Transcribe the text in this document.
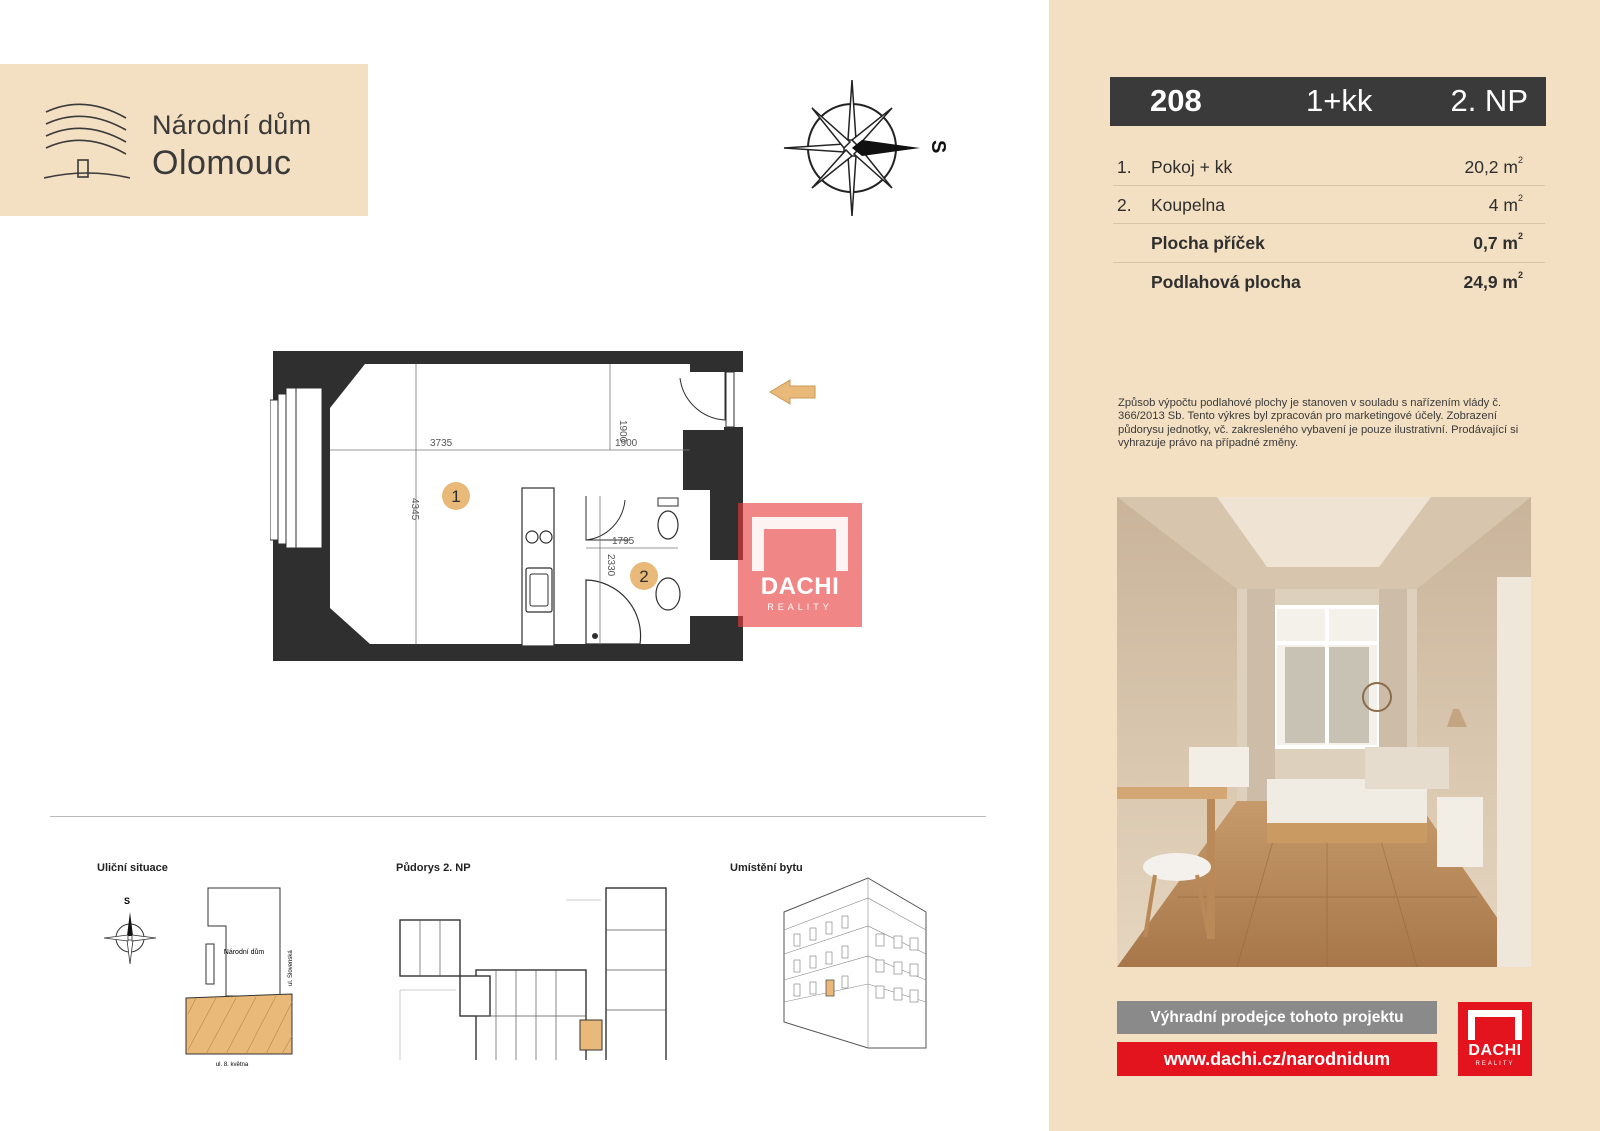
Národní dům
Olomouc	S
3735
1900
1900
4345
1795
2330
1
2	DACHI
REALITY
Uliční situace	Půdorys 2. NP	Umístění bytu
S
Národní dům	ul. Slovenská
ul. 8. května
208	1+kk	2. NP
1. Pokoj + kk	20,2 $m^2$
2. Koupelna	4 $m^2$
Plocha příček	0,7 $m^2$
Podlahová plocha	24,9 $m^2$
Způsob výpočtu podlahové plochy je stanoven v souladu s nařízením vlády č. 366/2013 Sb. Tento výkres byl zpracován pro marketingové účely. Zobrazení půdorysu jednotky, vč. zakresleného vybavení je pouze ilustrativní. Prodávající si vyhrazuje právo na případné změny.
Výhradní prodejce tohoto projektu
www.dachi.cz/narodnidum	DACHI
REALITY
